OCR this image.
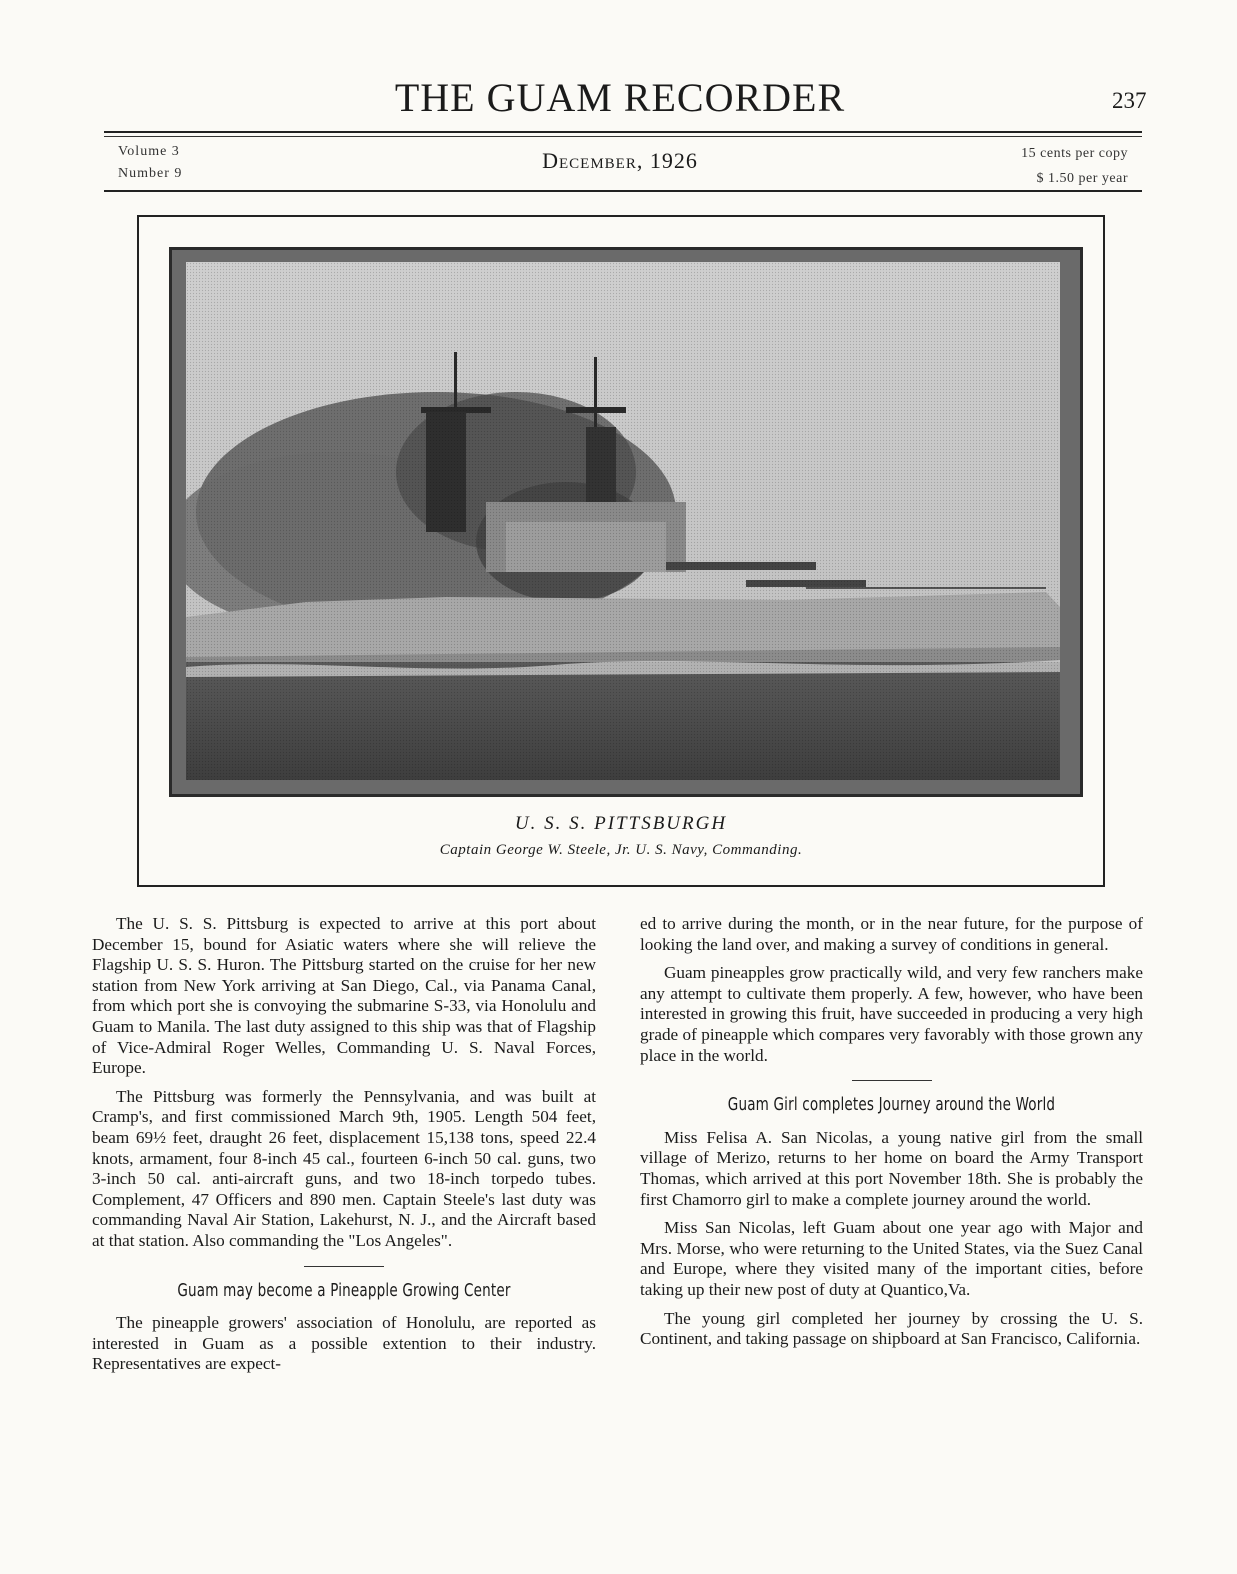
THE GUAM RECORDER	237
Volume 3
Number 9
December, 1926	15 cents per copy
$ 1.50 per year
U. S. S. PITTSBURGH
Captain George W. Steele, Jr. U. S. Navy, Commanding.

The U. S. S. Pittsburg is expected to arrive at this port about December 15, bound for Asiatic waters where she will relieve the Flagship U. S. S. Huron. The Pittsburg started on the cruise for her new station from New York arriving at San Diego, Cal., via Panama Canal, from which port she is convoying the submarine S-33, via Honolulu and Guam to Manila. The last duty assigned to this ship was that of Flagship of Vice-Admiral Roger Welles, Commanding U. S. Naval Forces, Europe.

The Pittsburg was formerly the Pennsylvania, and was built at Cramp's, and first commissioned March 9th, 1905. Length 504 feet, beam 69½ feet, draught 26 feet, displacement 15,138 tons, speed 22.4 knots, armament, four 8-inch 45 cal., fourteen 6-inch 50 cal. guns, two 3-inch 50 cal. anti-aircraft guns, and two 18-inch torpedo tubes. Complement, 47 Officers and 890 men. Captain Steele's last duty was commanding Naval Air Station, Lakehurst, N. J., and the Aircraft based at that station. Also commanding the "Los Angeles".

Guam may become a Pineapple Growing Center

The pineapple growers' association of Honolulu, are reported as interested in Guam as a possible extention to their industry. Representatives are expect-

ed to arrive during the month, or in the near future, for the purpose of looking the land over, and making a survey of conditions in general.

Guam pineapples grow practically wild, and very few ranchers make any attempt to cultivate them properly. A few, however, who have been interested in growing this fruit, have succeeded in producing a very high grade of pineapple which compares very favorably with those grown any place in the world.

Guam Girl completes Journey around the World

Miss Felisa A. San Nicolas, a young native girl from the small village of Merizo, returns to her home on board the Army Transport Thomas, which arrived at this port November 18th. She is probably the first Chamorro girl to make a complete journey around the world.

Miss San Nicolas, left Guam about one year ago with Major and Mrs. Morse, who were returning to the United States, via the Suez Canal and Europe, where they visited many of the important cities, before taking up their new post of duty at Quantico,Va.

The young girl completed her journey by crossing the U. S. Continent, and taking passage on shipboard at San Francisco, California.
